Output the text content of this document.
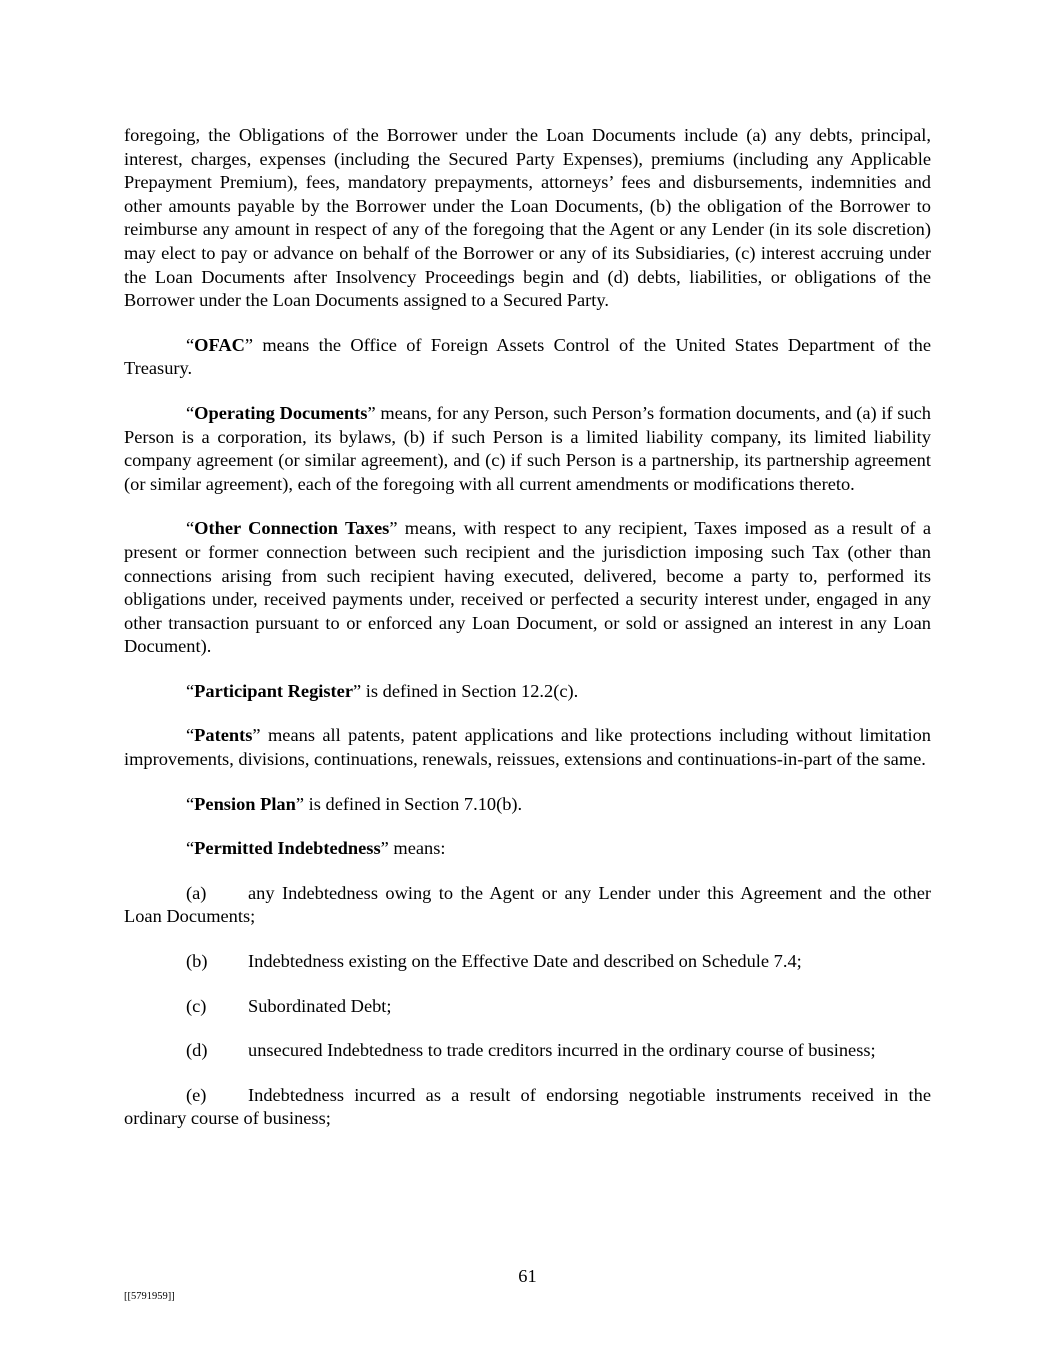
foregoing, the Obligations of the Borrower under the Loan Documents include (a) any debts, principal, interest, charges, expenses (including the Secured Party Expenses), premiums (including any Applicable Prepayment Premium), fees, mandatory prepayments, attorneys’ fees and disbursements, indemnities and other amounts payable by the Borrower under the Loan Documents, (b) the obligation of the Borrower to reimburse any amount in respect of any of the foregoing that the Agent or any Lender (in its sole discretion) may elect to pay or advance on behalf of the Borrower or any of its Subsidiaries, (c) interest accruing under the Loan Documents after Insolvency Proceedings begin and (d) debts, liabilities, or obligations of the Borrower under the Loan Documents assigned to a Secured Party.

“OFAC” means the Office of Foreign Assets Control of the United States Department of the Treasury.

“Operating Documents” means, for any Person, such Person’s formation documents, and (a) if such Person is a corporation, its bylaws, (b) if such Person is a limited liability company, its limited liability company agreement (or similar agreement), and (c) if such Person is a partnership, its partnership agreement (or similar agreement), each of the foregoing with all current amendments or modifications thereto.

“Other Connection Taxes” means, with respect to any recipient, Taxes imposed as a result of a present or former connection between such recipient and the jurisdiction imposing such Tax (other than connections arising from such recipient having executed, delivered, become a party to, performed its obligations under, received payments under, received or perfected a security interest under, engaged in any other transaction pursuant to or enforced any Loan Document, or sold or assigned an interest in any Loan Document).

“Participant Register” is defined in Section 12.2(c).

“Patents” means all patents, patent applications and like protections including without limitation improvements, divisions, continuations, renewals, reissues, extensions and continuations-in-part of the same.

“Pension Plan” is defined in Section 7.10(b).

“Permitted Indebtedness” means:

(a) any Indebtedness owing to the Agent or any Lender under this Agreement and the other Loan Documents;

(b) Indebtedness existing on the Effective Date and described on Schedule 7.4;

(c) Subordinated Debt;

(d) unsecured Indebtedness to trade creditors incurred in the ordinary course of business;

(e) Indebtedness incurred as a result of endorsing negotiable instruments received in the ordinary course of business;

61
[[5791959]]
